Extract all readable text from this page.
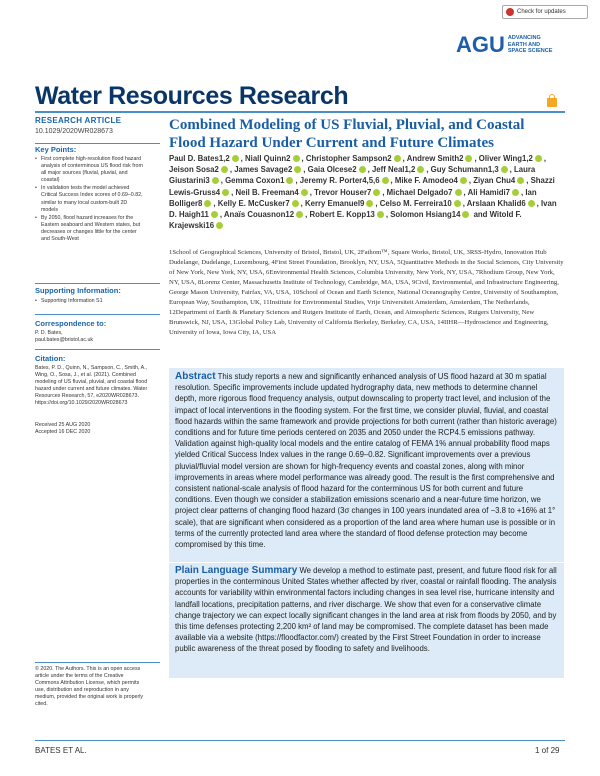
Check for updates
AGU ADVANCING
EARTH AND
SPACE SCIENCE
Water Resources Research
RESEARCH ARTICLE
10.1029/2020WR028673
Key Points:
• First complete high-resolution flood hazard analysis of conterminous US flood risk from all major sources (fluvial, pluvial, and coastal)
• In validation tests the model achieved Critical Success Index scores of 0.69–0.82, similar to many local custom-built 2D models
• By 2050, flood hazard increases for the Eastern seaboard and Western states, but decreases or changes little for the center and South-West
Supporting Information:
• Supporting Information S1
Correspondence to:
P. D. Bates,
paul.bates@bristol.ac.uk
Citation:
Bates, P. D., Quinn, N., Sampson, C., Smith, A., Wing, O., Sosa, J., et al. (2021). Combined modeling of US fluvial, pluvial, and coastal flood hazard under current and future climates. Water Resources Research, 57, e2020WR028673. https://doi.org/10.1029/2020WR028673
Received 25 AUG 2020
Accepted 16 DEC 2020
© 2020. The Authors. This is an open access article under the terms of the Creative Commons Attribution License, which permits use, distribution and reproduction in any medium, provided the original work is properly cited.
Combined Modeling of US Fluvial, Pluvial, and Coastal Flood Hazard Under Current and Future Climates
Paul D. Bates1,2 , Niall Quinn2 , Christopher Sampson2 , Andrew Smith2 , Oliver Wing1,2 , Jeison Sosa2 , James Savage2 , Gaia Olcese2 , Jeff Neal1,2 , Guy Schumann1,3 , Laura Giustarini3 , Gemma Coxon1 , Jeremy R. Porter4,5,6 , Mike F. Amodeo4 , Ziyan Chu4 , Shazzi Lewis-Gruss4 , Neil B. Freeman4 , Trevor Houser7 , Michael Delgado7 , Ali Hamidi7 , Ian Bolliger8 , Kelly E. McCusker7 , Kerry Emanuel9 , Celso M. Ferreira10 , Arslaan Khalid6 , Ivan D. Haigh11 , Anaïs Couasnon12 , Robert E. Kopp13 , Solomon Hsiang14 and Witold F. Krajewski16
1School of Geographical Sciences, University of Bristol, Bristol, UK, 2Fathom™, Square Works, Bristol, UK, 3RSS-Hydro, Innovation Hub Dudelange, Dudelange, Luxembourg, 4First Street Foundation, Brooklyn, NY, USA, 5Quantitative Methods in the Social Sciences, City University of New York, New York, NY, USA, 6Environmental Health Sciences, Columbia University, New York, NY, USA, 7Rhodium Group, New York, NY, USA, 8Lorenz Center, Massachusetts Institute of Technology, Cambridge, MA, USA, 9Civil, Environmental, and Infrastructure Engineering, George Mason University, Fairfax, VA, USA, 10School of Ocean and Earth Science, National Oceanography Centre, University of Southampton, European Way, Southampton, UK, 11Institute for Environmental Studies, Vrije Universiteit Amsterdam, Amsterdam, The Netherlands, 12Department of Earth & Planetary Sciences and Rutgers Institute of Earth, Ocean, and Atmospheric Sciences, Rutgers University, New Brunswick, NJ, USA, 13Global Policy Lab, University of California Berkeley, Berkeley, CA, USA, 14IIHR—Hydroscience and Engineering, University of Iowa, Iowa City, IA, USA
Abstract This study reports a new and significantly enhanced analysis of US flood hazard at 30 m spatial resolution. Specific improvements include updated hydrography data, new methods to determine channel depth, more rigorous flood frequency analysis, output downscaling to property tract level, and inclusion of the impact of local interventions in the flooding system. For the first time, we consider pluvial, fluvial, and coastal flood hazards within the same framework and provide projections for both current (rather than historic average) conditions and for future time periods centered on 2035 and 2050 under the RCP4.5 emissions pathway. Validation against high-quality local models and the entire catalog of FEMA 1% annual probability flood maps yielded Critical Success Index values in the range 0.69–0.82. Significant improvements over a previous pluvial/fluvial model version are shown for high-frequency events and coastal zones, along with minor improvements in areas where model performance was already good. The result is the first comprehensive and consistent national-scale analysis of flood hazard for the conterminous US for both current and future conditions. Even though we consider a stabilization emissions scenario and a near-future time horizon, we project clear patterns of changing flood hazard (3σ changes in 100 years inundated area of −3.8 to +16% at 1° scale), that are significant when considered as a proportion of the land area where human use is possible or in terms of the currently protected land area where the standard of flood defense protection may become compromised by this time.
Plain Language Summary We develop a method to estimate past, present, and future flood risk for all properties in the conterminous United States whether affected by river, coastal or rainfall flooding. The analysis accounts for variability within environmental factors including changes in sea level rise, hurricane intensity and landfall locations, precipitation patterns, and river discharge. We show that even for a conservative climate change trajectory we can expect locally significant changes in the land area at risk from floods by 2050, and by this time defenses protecting 2,200 km² of land may be compromised. The complete dataset has been made available via a website (https://floodfactor.com/) created by the First Street Foundation in order to increase public awareness of the threat posed by flooding to safety and livelihoods.
BATES ET AL.	1 of 29
